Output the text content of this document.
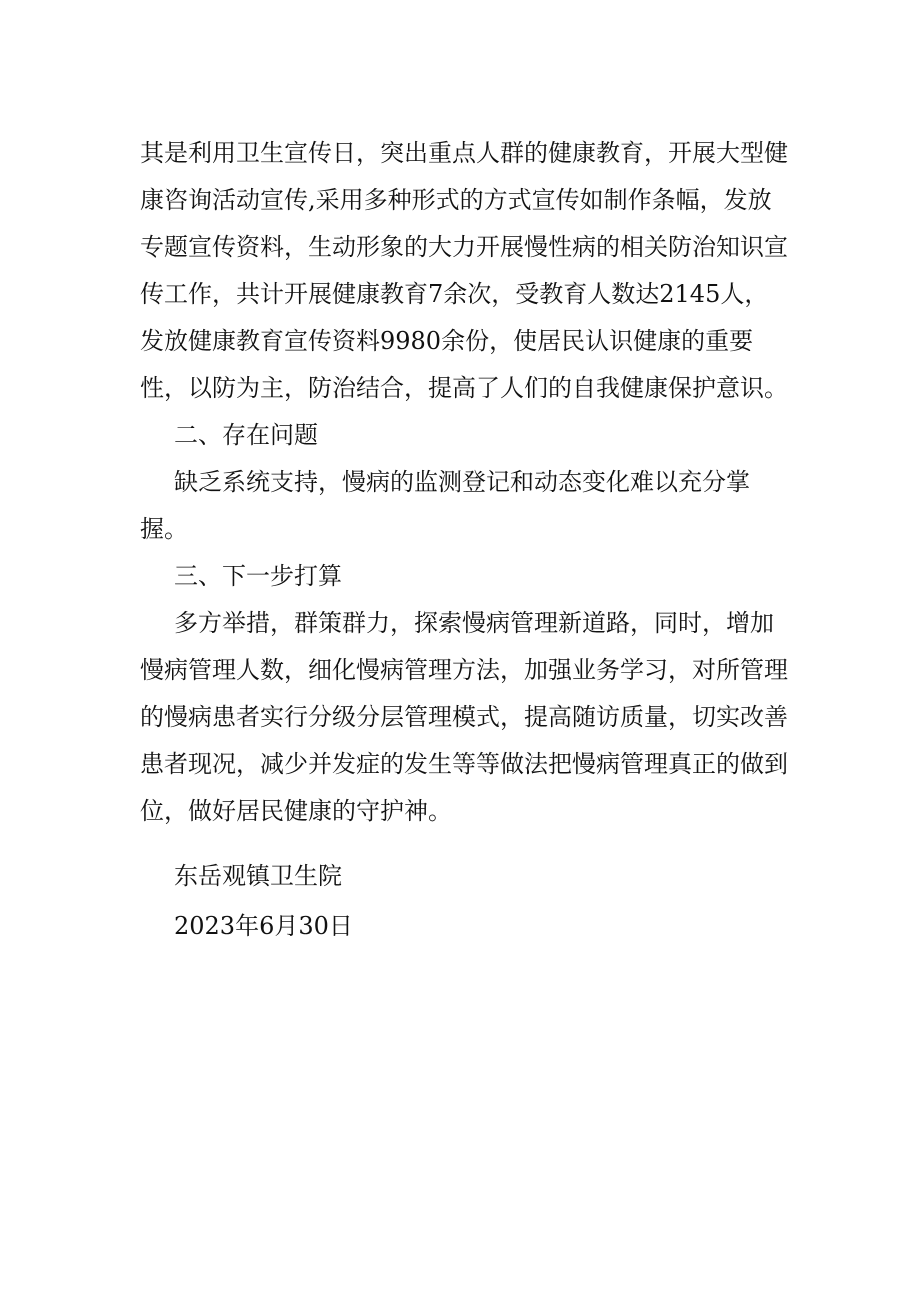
其是利用卫生宣传日，突出重点人群的健康教育，开展大型健
康咨询活动宣传,采用多种形式的方式宣传如制作条幅，发放
专题宣传资料，生动形象的大力开展慢性病的相关防治知识宣
传工作，共计开展健康教育7余次，受教育人数达2145人，
发放健康教育宣传资料9980余份，使居民认识健康的重要
性，以防为主，防治结合，提高了人们的自我健康保护意识。
二、存在问题
缺乏系统支持，慢病的监测登记和动态变化难以充分掌
握。
三、下一步打算
多方举措，群策群力，探索慢病管理新道路，同时，增加
慢病管理人数，细化慢病管理方法，加强业务学习，对所管理
的慢病患者实行分级分层管理模式，提高随访质量，切实改善
患者现况，减少并发症的发生等等做法把慢病管理真正的做到
位，做好居民健康的守护神。
东岳观镇卫生院
2023年6月30日
